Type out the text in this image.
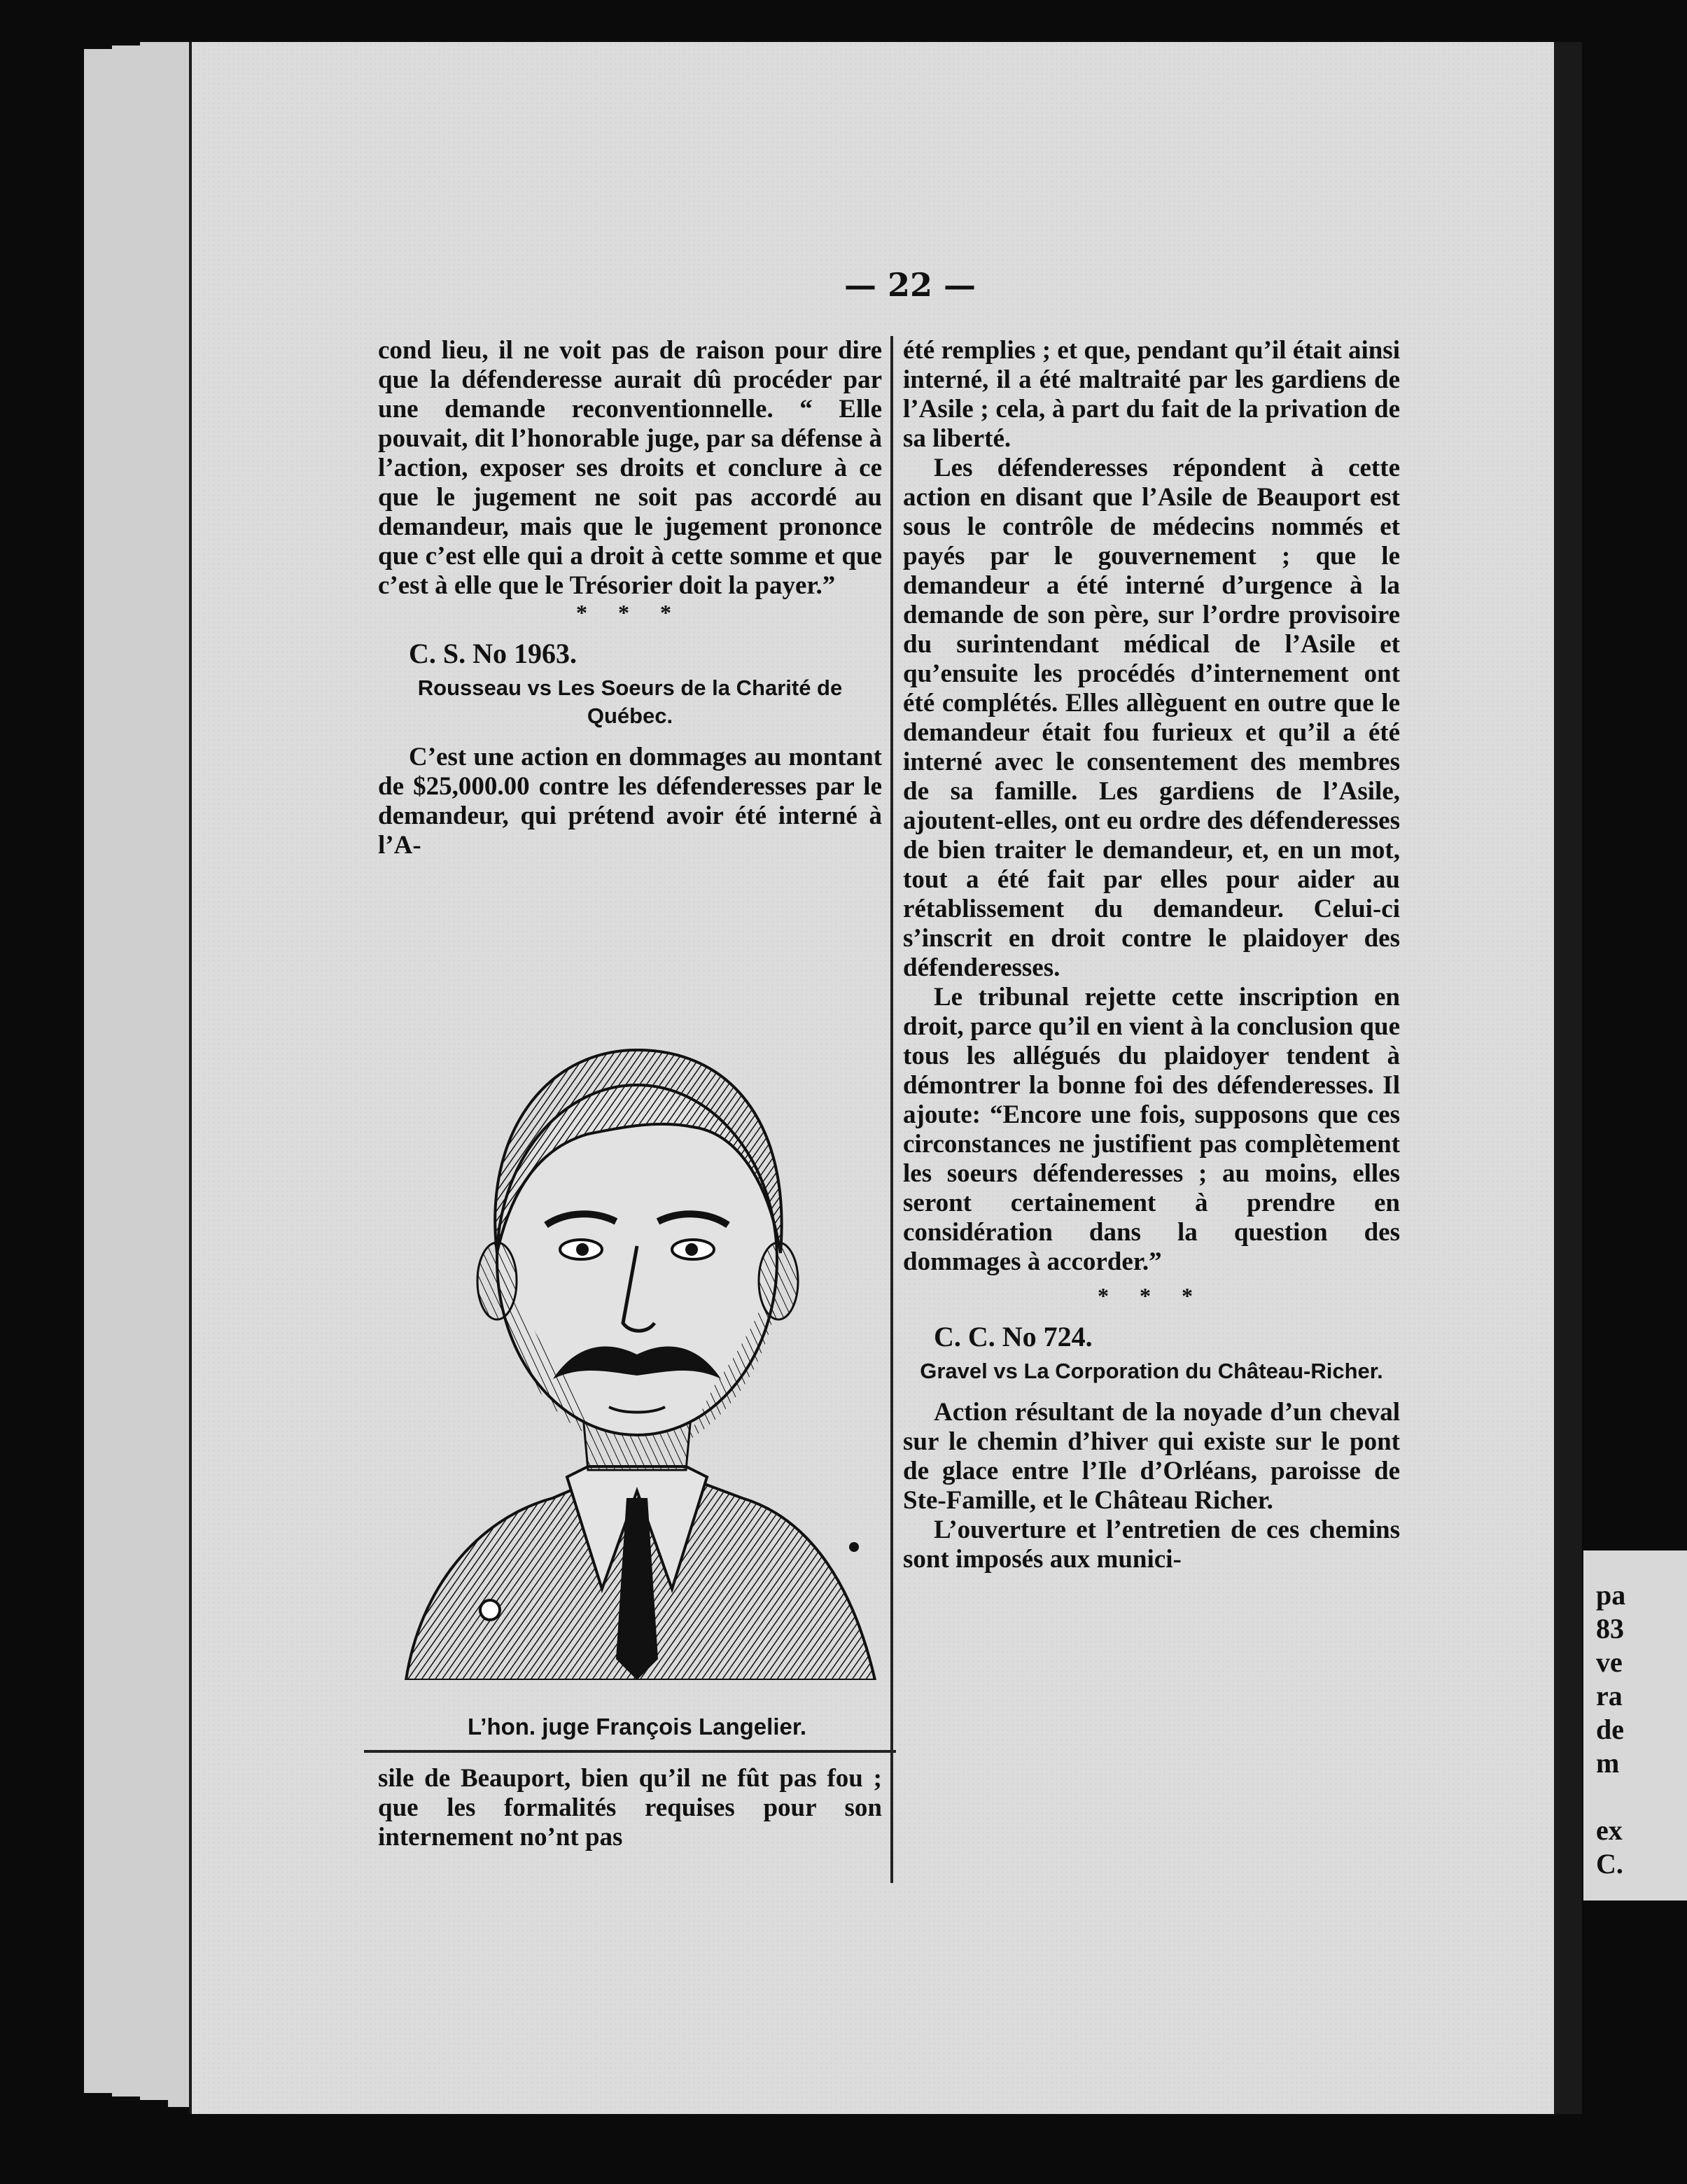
— 22 —

cond lieu, il ne voit pas de raison pour dire que la défenderesse aurait dû procéder par une demande reconventionnelle. “ Elle pouvait, dit l’honorable juge, par sa défense à l’action, exposer ses droits et conclure à ce que le jugement ne soit pas accordé au demandeur, mais que le jugement prononce que c’est elle qui a droit à cette somme et que c’est à elle que le Trésorier doit la payer.”

* * *

C. S. No 1963.
Rousseau vs Les Soeurs de la Charité de Québec.

C’est une action en dommages au montant de $25,000.00 contre les défenderesses par le demandeur, qui prétend avoir été interné à l’A-

L’hon. juge François Langelier.

sile de Beauport, bien qu’il ne fût pas fou ; que les formalités requises pour son internement no’nt pas

été remplies ; et que, pendant qu’il était ainsi interné, il a été maltraité par les gardiens de l’Asile ; cela, à part du fait de la privation de sa liberté.

Les défenderesses répondent à cette action en disant que l’Asile de Beauport est sous le contrôle de médecins nommés et payés par le gouvernement ; que le demandeur a été interné d’urgence à la demande de son père, sur l’ordre provisoire du surintendant médical de l’Asile et qu’ensuite les procédés d’internement ont été complétés. Elles allèguent en outre que le demandeur était fou furieux et qu’il a été interné avec le consentement des membres de sa famille. Les gardiens de l’Asile, ajoutent-elles, ont eu ordre des défenderesses de bien traiter le demandeur, et, en un mot, tout a été fait par elles pour aider au rétablissement du demandeur. Celui-ci s’inscrit en droit contre le plaidoyer des défenderesses.

Le tribunal rejette cette inscription en droit, parce qu’il en vient à la conclusion que tous les allégués du plaidoyer tendent à démontrer la bonne foi des défenderesses. Il ajoute: “Encore une fois, supposons que ces circonstances ne justifient pas complètement les soeurs défenderesses ; au moins, elles seront certainement à prendre en considération dans la question des dommages à accorder.”

* * *

C. C. No 724.
Gravel vs La Corporation du Château-Richer.

Action résultant de la noyade d’un cheval sur le chemin d’hiver qui existe sur le pont de glace entre l’Ile d’Orléans, paroisse de Ste-Famille, et le Château Richer.

L’ouverture et l’entretien de ces chemins sont imposés aux munici-

pa
83
ve
ra
de
m
ex
C.
